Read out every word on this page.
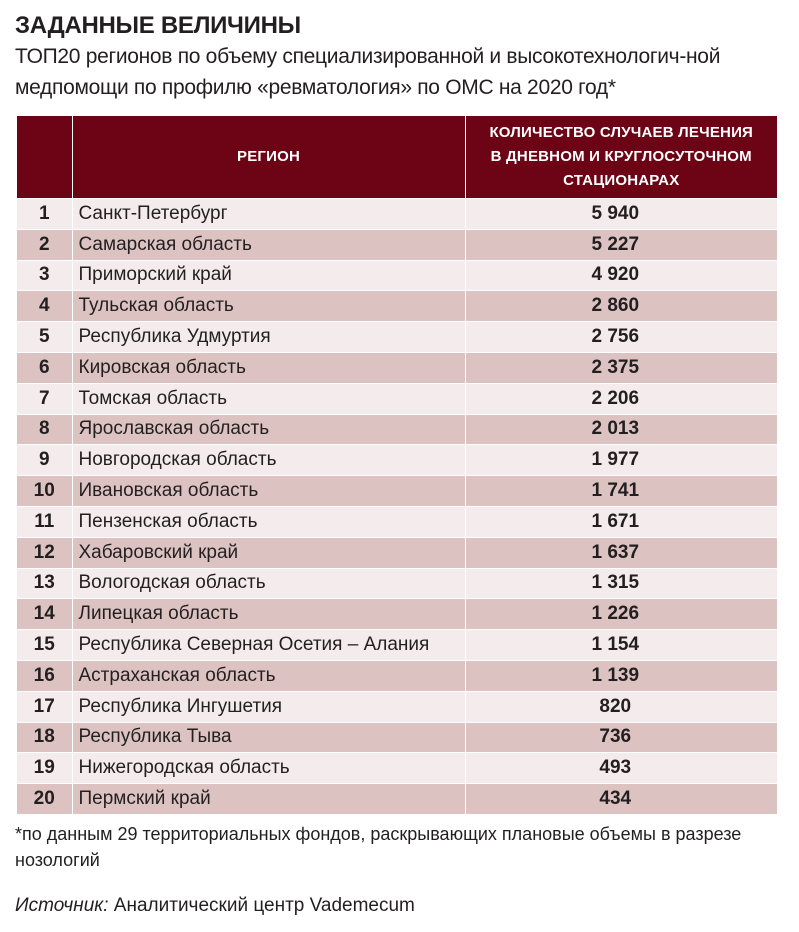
ЗАДАННЫЕ ВЕЛИЧИНЫ
ТОП20 регионов по объему специализированной и высокотехнологич-ной медпомощи по профилю «ревматология» по ОМС на 2020 год*
	РЕГИОН	КОЛИЧЕСТВО СЛУЧАЕВ ЛЕЧЕНИЯ В ДНЕВНОМ И КРУГЛОСУТОЧНОМ СТАЦИОНАРАХ
1	Санкт-Петербург	5 940
2	Самарская область	5 227
3	Приморский край	4 920
4	Тульская область	2 860
5	Республика Удмуртия	2 756
6	Кировская область	2 375
7	Томская область	2 206
8	Ярославская область	2 013
9	Новгородская область	1 977
10	Ивановская область	1 741
11	Пензенская область	1 671
12	Хабаровский край	1 637
13	Вологодская область	1 315
14	Липецкая область	1 226
15	Республика Северная Осетия – Алания	1 154
16	Астраханская область	1 139
17	Республика Ингушетия	820
18	Республика Тыва	736
19	Нижегородская область	493
20	Пермский край	434
*по данным 29 территориальных фондов, раскрывающих плановые объемы в разрезе нозологий
Источник: Аналитический центр Vademecum
